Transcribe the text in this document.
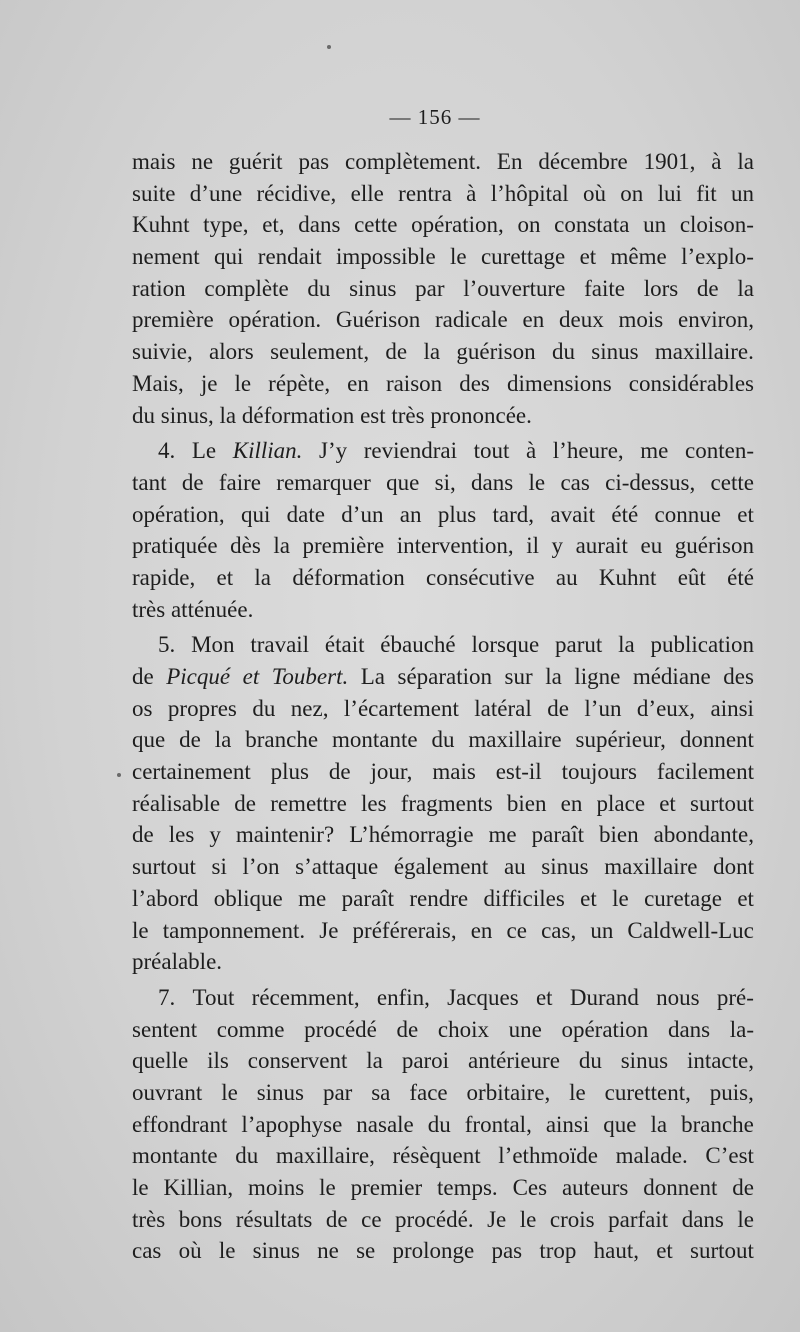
— 156 —
mais ne guérit pas complètement. En décembre 1901, à la
suite d’une récidive, elle rentra à l’hôpital où on lui fit un
Kuhnt type, et, dans cette opération, on constata un cloison-
nement qui rendait impossible le curettage et même l’explo-
ration complète du sinus par l’ouverture faite lors de la
première opération. Guérison radicale en deux mois environ,
suivie, alors seulement, de la guérison du sinus maxillaire.
Mais, je le répète, en raison des dimensions considérables
du sinus, la déformation est très prononcée.
4. Le Killian. J’y reviendrai tout à l’heure, me conten-
tant de faire remarquer que si, dans le cas ci-dessus, cette
opération, qui date d’un an plus tard, avait été connue et
pratiquée dès la première intervention, il y aurait eu guérison
rapide, et la déformation consécutive au Kuhnt eût été
très atténuée.
5. Mon travail était ébauché lorsque parut la publication
de Picqué et Toubert. La séparation sur la ligne médiane des
os propres du nez, l’écartement latéral de l’un d’eux, ainsi
que de la branche montante du maxillaire supérieur, donnent
certainement plus de jour, mais est-il toujours facilement
réalisable de remettre les fragments bien en place et surtout
de les y maintenir? L’hémorragie me paraît bien abondante,
surtout si l’on s’attaque également au sinus maxillaire dont
l’abord oblique me paraît rendre difficiles et le curetage et
le tamponnement. Je préférerais, en ce cas, un Caldwell-Luc
préalable.
7. Tout récemment, enfin, Jacques et Durand nous pré-
sentent comme procédé de choix une opération dans la-
quelle ils conservent la paroi antérieure du sinus intacte,
ouvrant le sinus par sa face orbitaire, le curettent, puis,
effondrant l’apophyse nasale du frontal, ainsi que la branche
montante du maxillaire, résèquent l’ethmoïde malade. C’est
le Killian, moins le premier temps. Ces auteurs donnent de
très bons résultats de ce procédé. Je le crois parfait dans le
cas où le sinus ne se prolonge pas trop haut, et surtout
